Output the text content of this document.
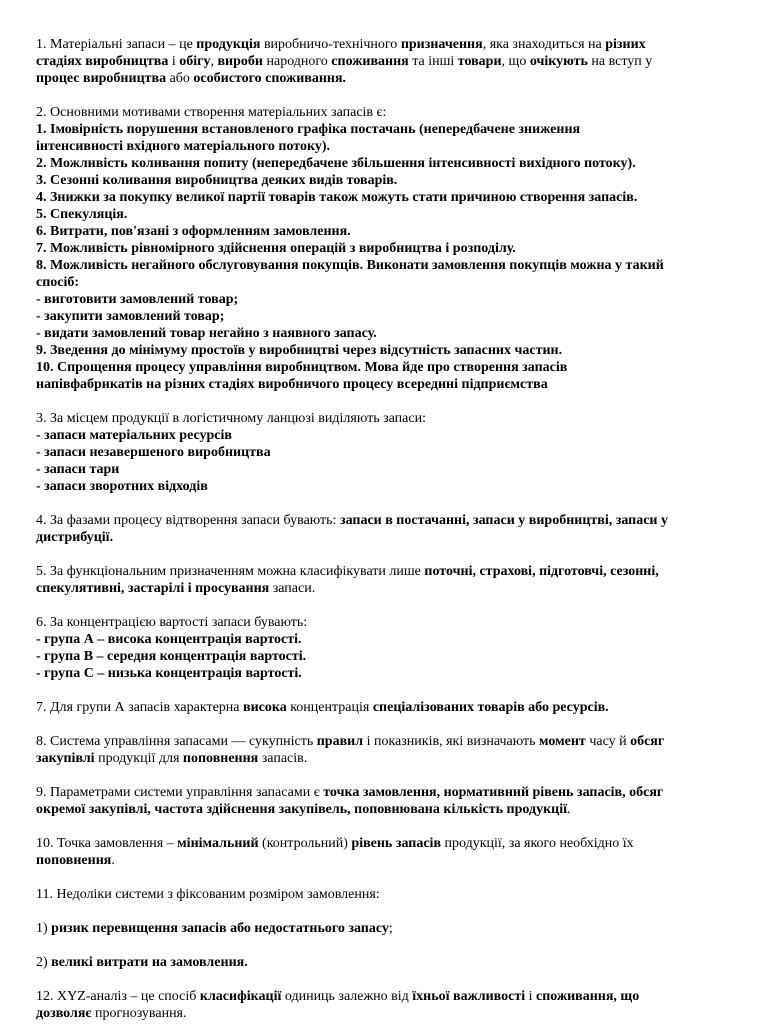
1. Матеріальні запаси – це продукція виробничо-технічного призначення, яка знаходиться на різних
стадіях виробництва і обігу, вироби народного споживання та інші товари, що очікують на вступ у
процес виробництва або особистого споживання.
2. Основними мотивами створення матеріальних запасів є:
1. Імовірність порушення встановленого графіка постачань (непередбачене зниження
інтенсивності вхідного матеріального потоку).
2. Можливість коливання попиту (непередбачене збільшення інтенсивності вихідного потоку).
3. Сезонні коливання виробництва деяких видів товарів.
4. Знижки за покупку великої партії товарів також можуть стати причиною створення запасів.
5. Спекуляція.
6. Витрати, пов'язані з оформленням замовлення.
7. Можливість рівномірного здійснення операцій з виробництва і розподілу.
8. Можливість негайного обслуговування покупців. Виконати замовлення покупців можна у такий
спосіб:
- виготовити замовлений товар;
- закупити замовлений товар;
- видати замовлений товар негайно з наявного запасу.
9. Зведення до мінімуму простоїв у виробництві через відсутність запасних частин.
10. Спрощення процесу управління виробництвом. Мова йде про створення запасів
напівфабрикатів на різних стадіях виробничого процесу всередині підприємства
3. За місцем продукції в логістичному ланцюзі виділяють запаси:
- запаси матеріальних ресурсів
- запаси незавершеного виробництва
- запаси тари
- запаси зворотних відходів
4. За фазами процесу відтворення запаси бувають: запаси в постачанні, запаси у виробництві, запаси у
дистрибуції.
5. За функціональним призначенням можна класифікувати лише поточні, страхові, підготовчі, сезонні,
спекулятивні, застарілі і просування запаси.
6. За концентрацією вартості запаси бувають:
- група А – висока концентрація вартості.
- група В – середня концентрація вартості.
- група С – низька концентрація вартості.
7. Для групи А запасів характерна висока концентрація спеціалізованих товарів або ресурсів.
8. Система управління запасами — сукупність правил і показників, які визначають момент часу й обсяг
закупівлі продукції для поповнення запасів.
9. Параметрами системи управління запасами є точка замовлення, нормативний рівень запасів, обсяг
окремої закупівлі, частота здійснення закупівель, поповнювана кількість продукції.
10. Точка замовлення – мінімальний (контрольний) рівень запасів продукції, за якого необхідно їх
поповнення.
11. Недоліки системи з фіксованим розміром замовлення:
1) ризик перевищення запасів або недостатнього запасу;
2) великі витрати на замовлення.
12. XYZ-аналіз – це спосіб класифікації одиниць залежно від їхньої важливості і споживання, що
дозволяє прогнозування.
